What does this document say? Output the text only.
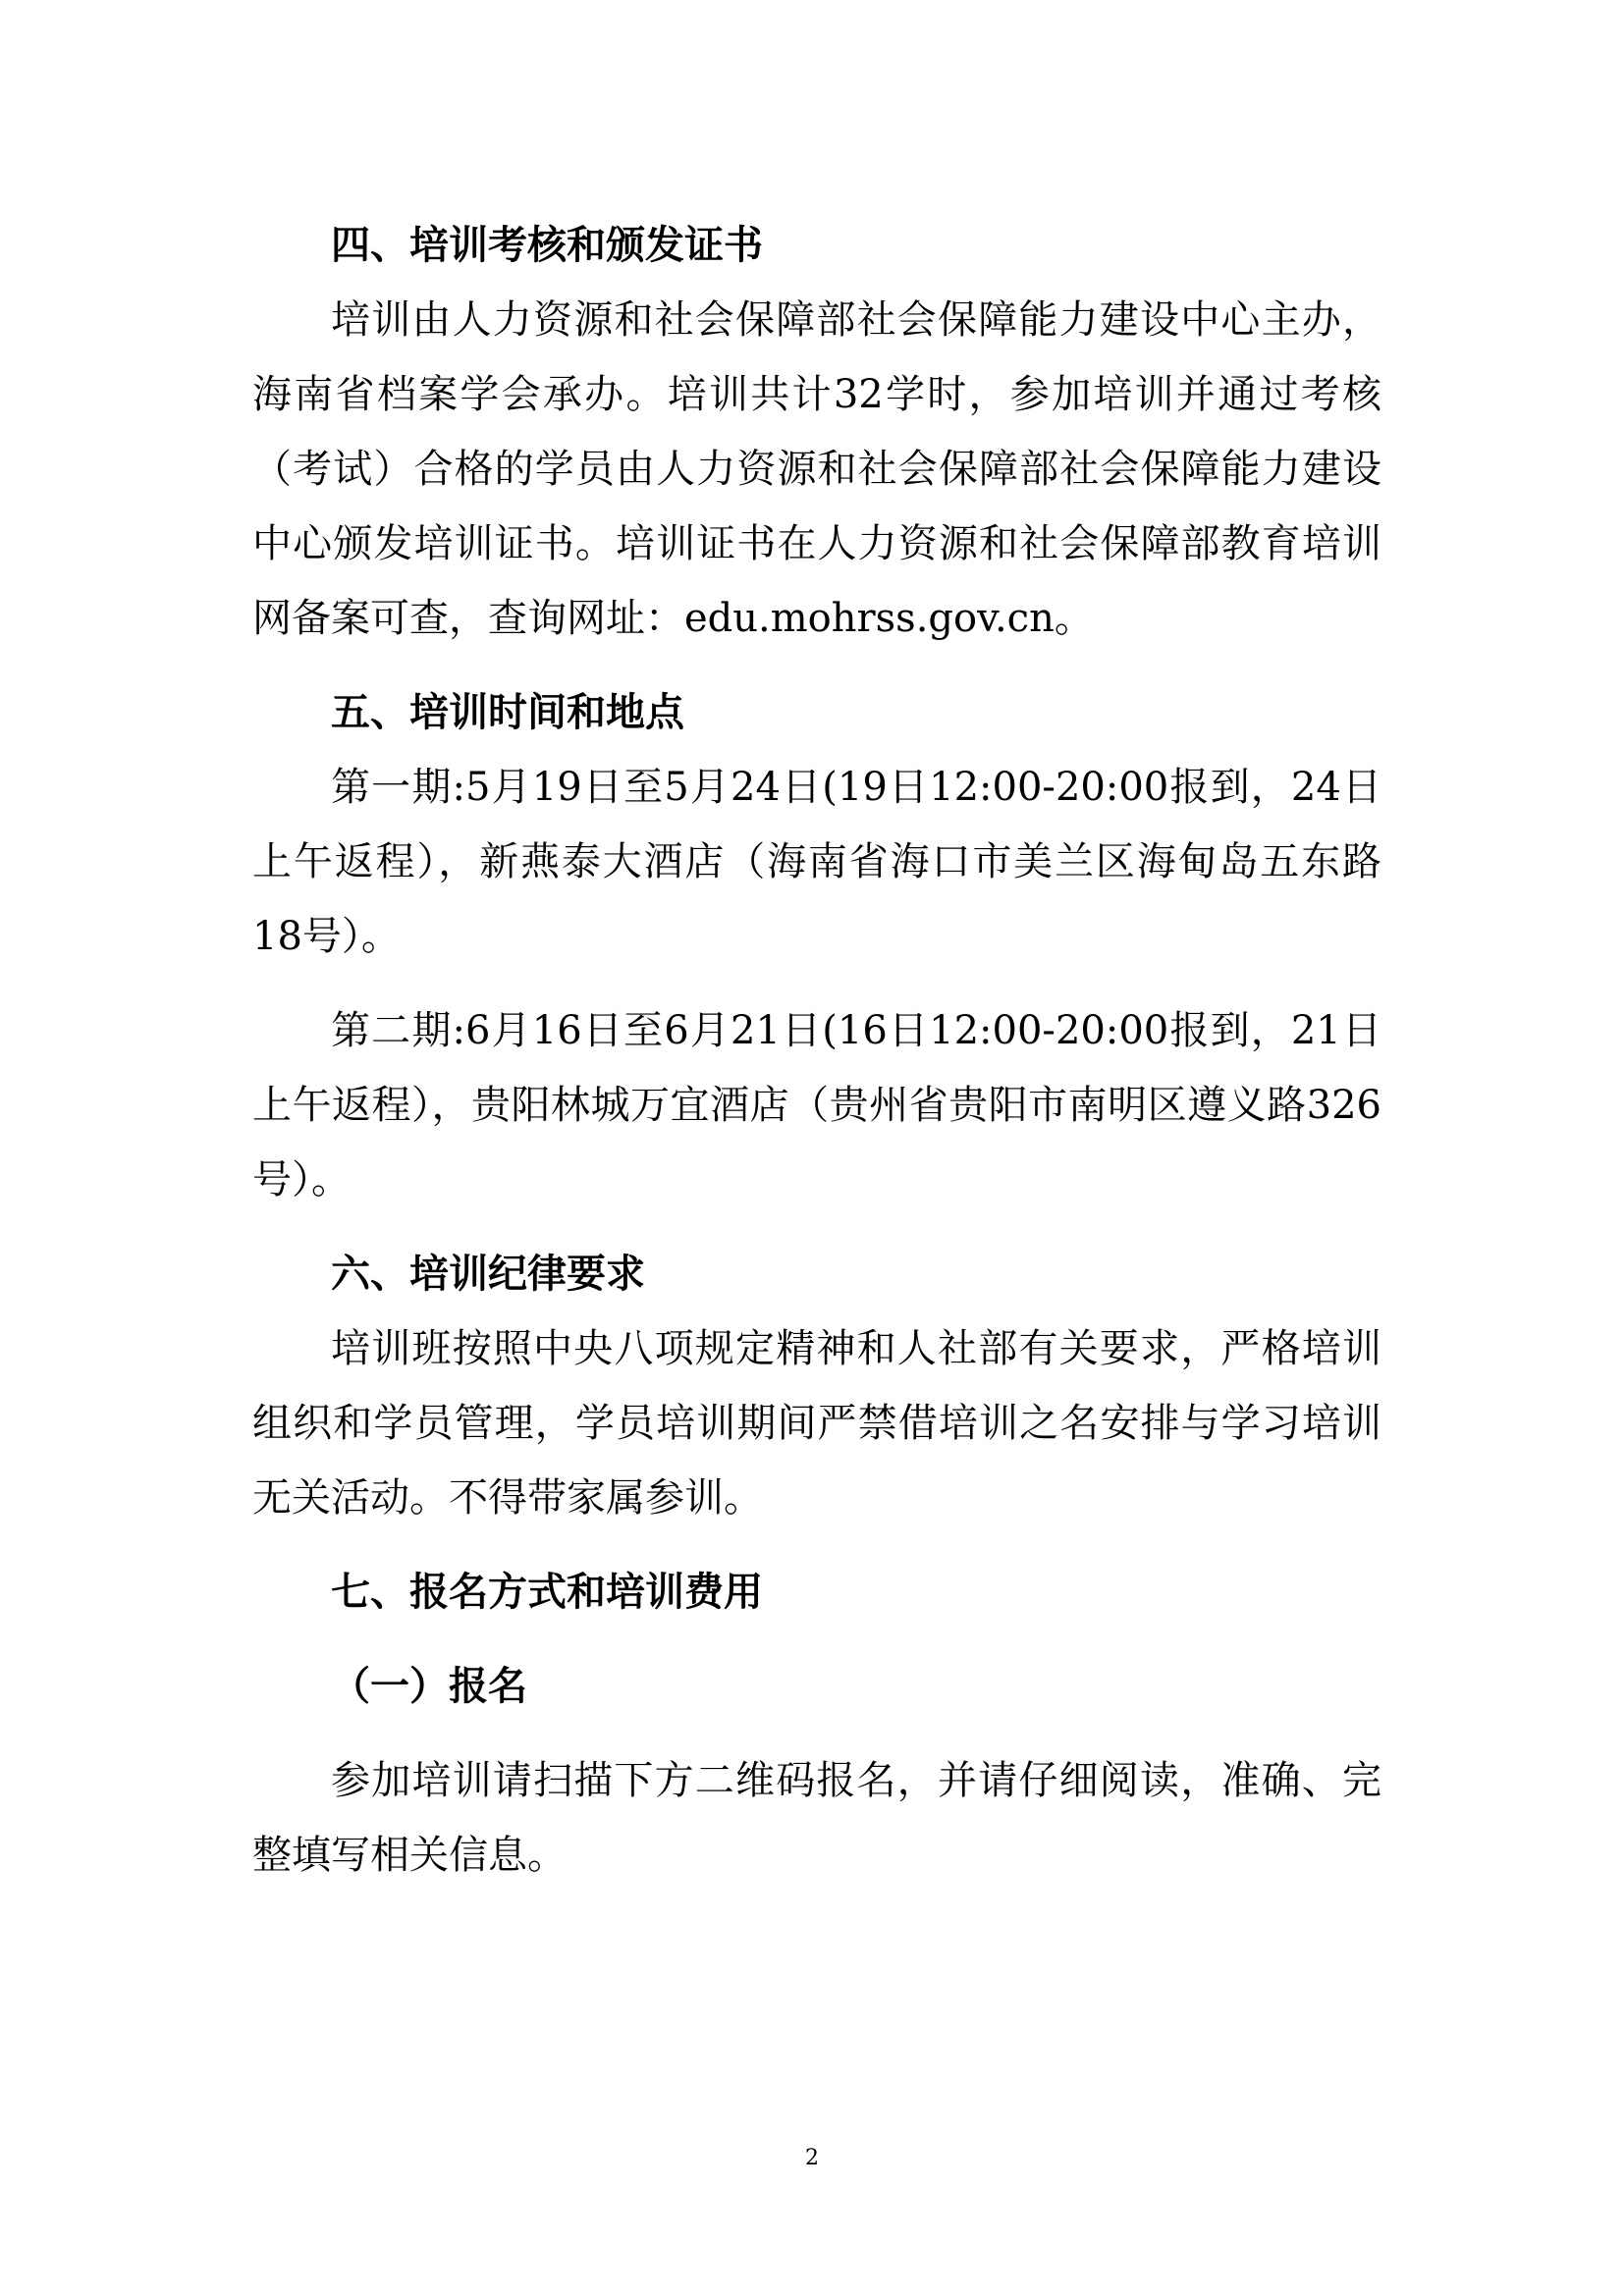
四、培训考核和颁发证书

培训由人力资源和社会保障部社会保障能力建设中心主办，海南省档案学会承办。培训共计32学时，参加培训并通过考核（考试）合格的学员由人力资源和社会保障部社会保障能力建设中心颁发培训证书。培训证书在人力资源和社会保障部教育培训网备案可查，查询网址：edu.mohrss.gov.cn。

五、培训时间和地点

第一期:5月19日至5月24日(19日12:00-20:00报到，24日上午返程），新燕泰大酒店（海南省海口市美兰区海甸岛五东路18号）。

第二期:6月16日至6月21日(16日12:00-20:00报到，21日上午返程），贵阳林城万宜酒店（贵州省贵阳市南明区遵义路326号）。

六、培训纪律要求

培训班按照中央八项规定精神和人社部有关要求，严格培训组织和学员管理，学员培训期间严禁借培训之名安排与学习培训无关活动。不得带家属参训。

七、报名方式和培训费用
（一）报名

参加培训请扫描下方二维码报名，并请仔细阅读，准确、完整填写相关信息。

2
